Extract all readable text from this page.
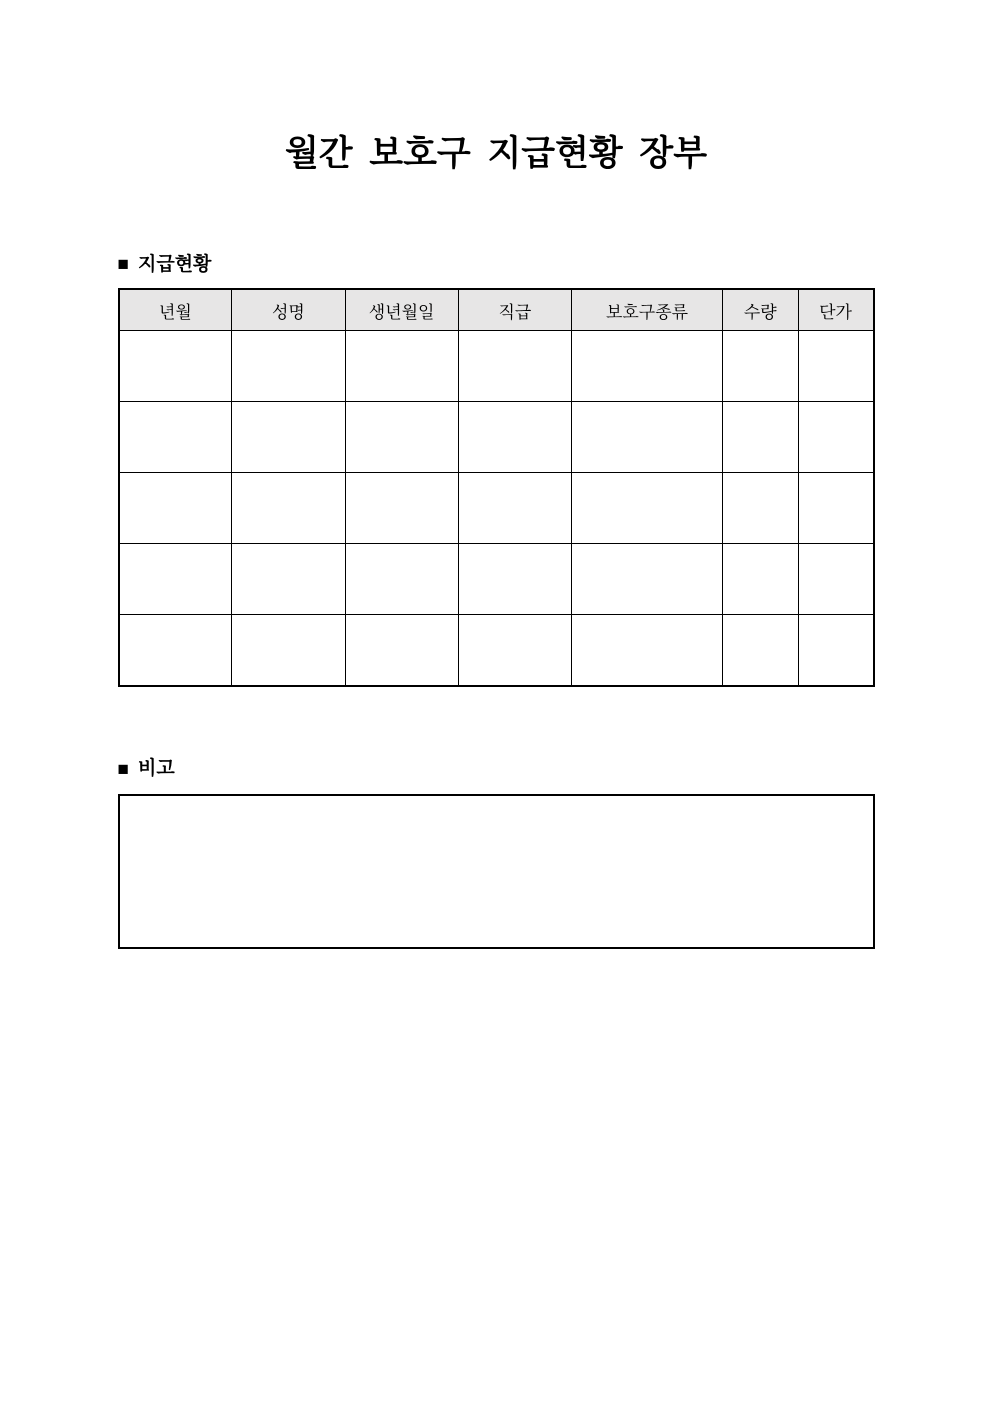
월간 보호구 지급현황 장부
■ 지급현황
년월	성명	생년월일	직급	보호구종류	수량	단가

■ 비고
